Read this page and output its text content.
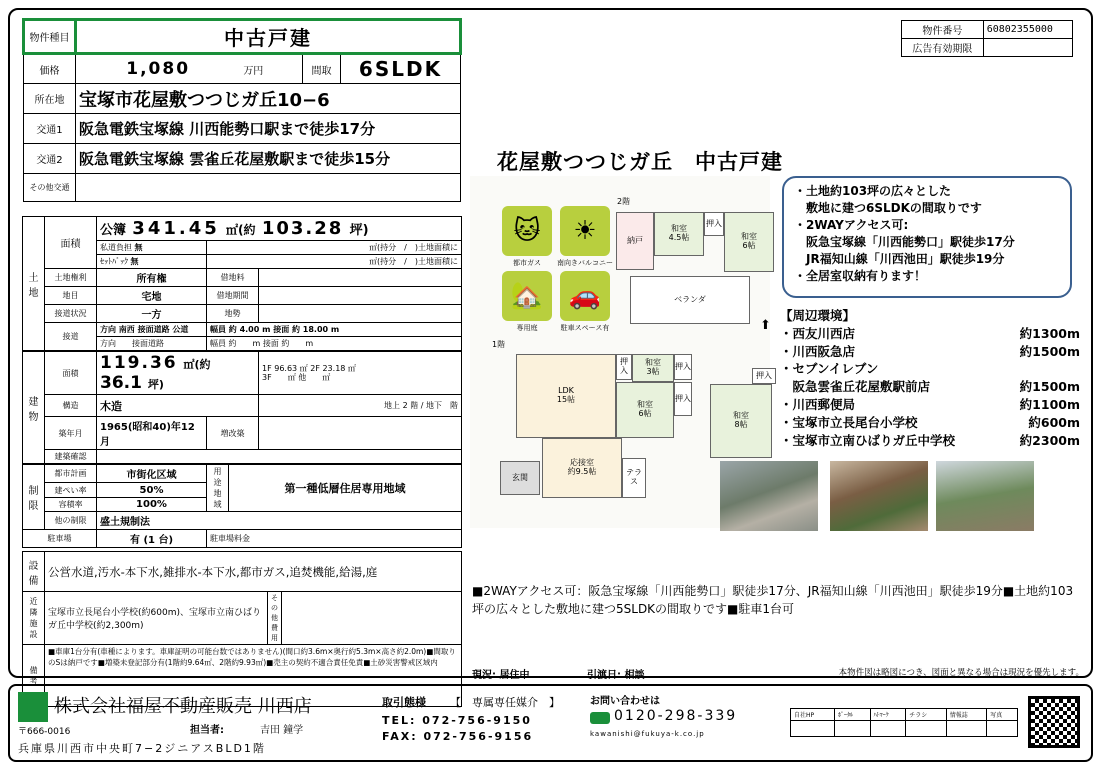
物件種目	中古戸建			
価格	1,080	万円	間取	6SLDK
所在地	宝塚市花屋敷つつじガ丘10−6			
交通1	阪急電鉄宝塚線 川西能勢口駅まで徒歩17分			
交通2	阪急電鉄宝塚線 雲雀丘花屋敷駅まで徒歩15分			
その他交通				
土地	面積	公簿 341.45 ㎡(約 103.28 坪)		
		私道負担 無	㎡(持分　/　)土地面積に	
		ｾｯﾄﾊﾞｯｸ 無	㎡(持分　/　)土地面積に	
	土地権利	所有権	借地料	
	地目	宅地	借地期間	
	接道状況	一方	地勢	
	接道	方向 南西 接面道路 公道	幅員 約 4.00 m 接面 約 18.00 m	
		方向　　接面道路	幅員 約　　m 接面 約　　m	

建物	面積	119.36 ㎡(約 36.1 坪)		1F 96.63 ㎡ 2F 23.18 ㎡
3F　　㎡ 他　　㎡
	構造	木造		地上 2 階 / 地下　階
	築年月	1965(昭和40)年12月	増改築	
	建築確認			
制限	都市計画	市街化区域	用途地域	第一種低層住居専用地域
	建ぺい率	50%		
	容積率	100%		
	他の制限	盛土規制法		
駐車場		有 (1 台)	駐車場料金	
設備	公営水道,汚水-本下水,雑排水-本下水,都市ガス,追焚機能,給湯,庭		
近隣施設	宝塚市立長尾台小学校(約600m)、宝塚市立南ひばりガ丘中学校(約2,300m)	その他費用	
備考	■車庫1台分有(車種によります。車庫証明の可能台数ではありません)(間口約3.6m×奥行約5.3m×高さ約2.0m)■間取りのSは納戸です■増築未登記部分有(1階約9.64㎡、2階約9.93㎡)■売主の契約不適合責任免責■土砂災害警戒区域内		
物件番号	60802355000
広告有効期限	
花屋敷つつじガ丘　中古戸建
🐱
都市ガス
☀
南向きバルコニー
🏡
専用庭
🚗
駐車スペース有
2階
納戸
和室
4.5帖
押入
和室
6帖
ベランダ
1階
LDK
15帖
押入
和室
3帖
押入
押入
和室
6帖
押入
和室
8帖
玄関
応接室
約9.5帖	テラス
・土地約103坪の広々とした
　敷地に建つ6SLDKの間取りです
・2WAYアクセス可:
　阪急宝塚線「川西能勢口」駅徒歩17分
　JR福知山線「川西池田」駅徒歩19分
・全居室収納有ります！
⬆
【周辺環境】
・西友川西店	約1300m
・川西阪急店	約1500m
・セブンイレブン
　阪急雲雀丘花屋敷駅前店	約1500m
・川西郵便局	約1100m
・宝塚市立長尾台小学校	約600m
・宝塚市立南ひばりガ丘中学校	約2300m
■2WAYアクセス可：阪急宝塚線「川西能勢口」駅徒歩17分、JR福知山線「川西池田」駅徒歩19分■土地約103坪の広々とした敷地に建つ5SLDKの間取りです■駐車1台可
現況: 居住中	引渡日: 相談	本物件図は略図につき、図面と異なる場合は現況を優先します。
株式会社福屋不動産販売 川西店
担当者:	吉田 鐘学
〒666-0016
兵庫県川西市中央町7−2ジニアスBLD1階
取引態様 【　専属専任媒介　】
TEL: 072-756-9150
FAX: 072-756-9156
お問い合わせは
0120-298-339
kawanishi@fukuya-k.co.jp
自社HP	ﾎﾟｰﾀﾙ	ﾊﾄﾏｰｸ	チラシ	情報誌	写真
